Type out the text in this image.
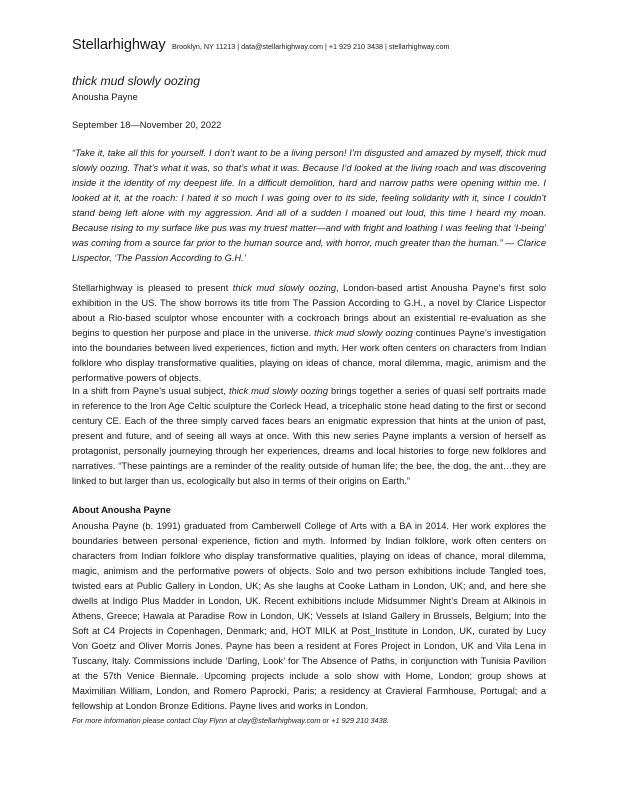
Stellarhighway Brooklyn, NY 11213 | data@stellarhighway.com | +1 929 210 3438 | stellarhighway.com
thick mud slowly oozing
Anousha Payne
September 18—November 20, 2022

“Take it, take all this for yourself. I don’t want to be a living person! I’m disgusted and amazed by myself, thick mud slowly oozing. That’s what it was, so that’s what it was. Because I’d looked at the living roach and was discovering inside it the identity of my deepest life. In a difficult demolition, hard and narrow paths were opening within me. I looked at it, at the roach: I hated it so much I was going over to its side, feeling solidarity with it, since I couldn’t stand being left alone with my aggression. And all of a sudden I moaned out loud, this time I heard my moan. Because rising to my surface like pus was my truest matter—and with fright and loathing I was feeling that ‘I-being’ was coming from a source far prior to the human source and, with horror, much greater than the human.” — Clarice Lispector, ‘The Passion According to G.H.’

Stellarhighway is pleased to present thick mud slowly oozing, London-based artist Anousha Payne’s first solo exhibition in the US. The show borrows its title from The Passion According to G.H., a novel by Clarice Lispector about a Rio-based sculptor whose encounter with a cockroach brings about an existential re-evaluation as she begins to question her purpose and place in the universe. thick mud slowly oozing continues Payne’s investigation into the boundaries between lived experiences, fiction and myth. Her work often centers on characters from Indian folklore who display transformative qualities, playing on ideas of chance, moral dilemma, magic, animism and the performative powers of objects.

In a shift from Payne’s usual subject, thick mud slowly oozing brings together a series of quasi self portraits made in reference to the Iron Age Celtic sculpture the Corleck Head, a tricephalic stone head dating to the first or second century CE. Each of the three simply carved faces bears an enigmatic expression that hints at the union of past, present and future, and of seeing all ways at once. With this new series Payne implants a version of herself as protagonist, personally journeying through her experiences, dreams and local histories to forge new folklores and narratives. “These paintings are a reminder of the reality outside of human life; the bee, the dog, the ant…they are linked to but larger than us, ecologically but also in terms of their origins on Earth.”

About Anousha Payne

Anousha Payne (b. 1991) graduated from Camberwell College of Arts with a BA in 2014. Her work explores the boundaries between personal experience, fiction and myth. Informed by Indian folklore, work often centers on characters from Indian folklore who display transformative qualities, playing on ideas of chance, moral dilemma, magic, animism and the performative powers of objects. Solo and two person exhibitions include Tangled toes, twisted ears at Public Gallery in London, UK; As she laughs at Cooke Latham in London, UK; and, and here she dwells at Indigo Plus Madder in London, UK. Recent exhibitions include Midsummer Night’s Dream at Alkinois in Athens, Greece; Hawala at Paradise Row in London, UK; Vessels at Island Gallery in Brussels, Belgium; Into the Soft at C4 Projects in Copenhagen, Denmark; and, HOT MILK at Post_Institute in London, UK, curated by Lucy Von Goetz and Oliver Morris Jones. Payne has been a resident at Fores Project in London, UK and Vila Lena in Tuscany, Italy. Commissions include ‘Darling, Look’ for The Absence of Paths, in conjunction with Tunisia Pavilion at the 57th Venice Biennale. Upcoming projects include a solo show with Home, London; group shows at Maximilian William, London, and Romero Paprocki, Paris; a residency at Cravieral Farmhouse, Portugal; and a fellowship at London Bronze Editions. Payne lives and works in London.

For more information please contact Clay Flynn at clay@stellarhighway.com or +1 929 210 3438.
